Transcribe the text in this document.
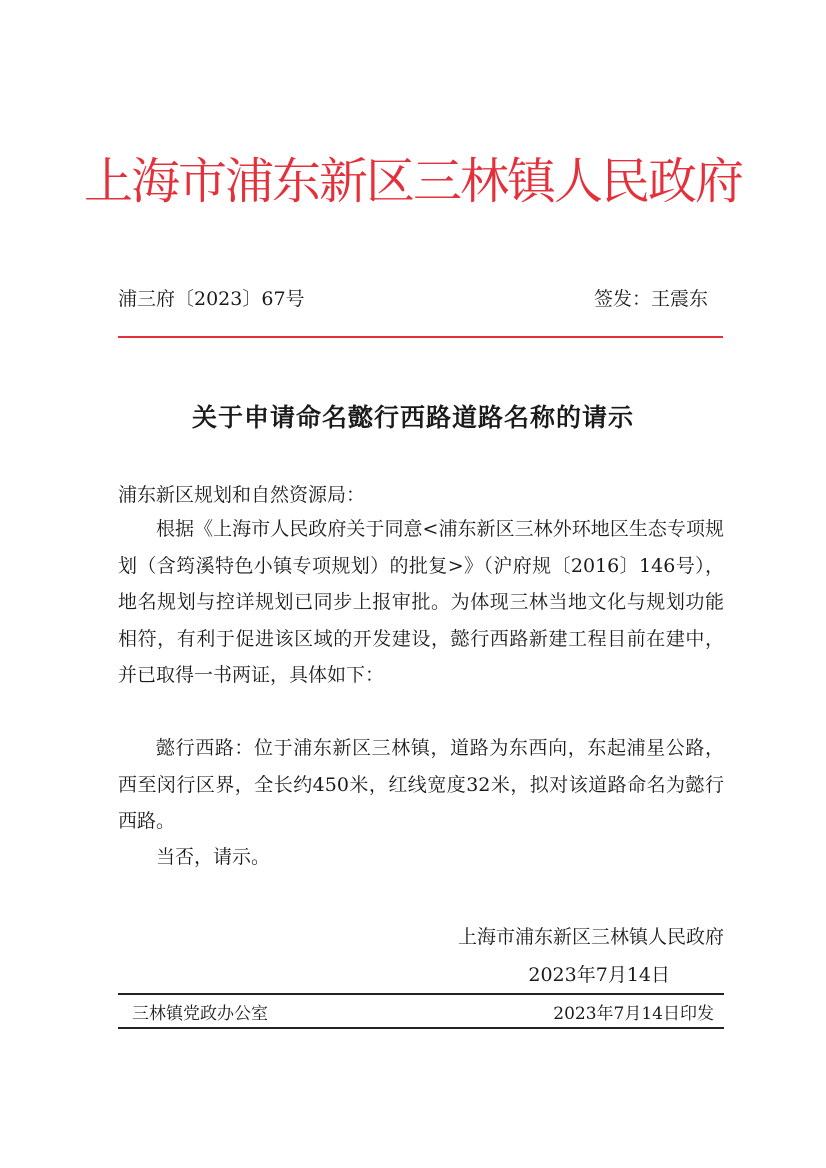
上海市浦东新区三林镇人民政府
浦三府〔2023〕67号	签发：王震东
关于申请命名懿行西路道路名称的请示
浦东新区规划和自然资源局：

根据《上海市人民政府关于同意<浦东新区三林外环地区生态专项规划（含筠溪特色小镇专项规划）的批复>》（沪府规〔2016〕146号），地名规划与控详规划已同步上报审批。为体现三林当地文化与规划功能相符，有利于促进该区域的开发建设，懿行西路新建工程目前在建中，并已取得一书两证，具体如下：

懿行西路：位于浦东新区三林镇，道路为东西向，东起浦星公路，西至闵行区界，全长约450米，红线宽度32米，拟对该道路命名为懿行西路。

当否，请示。

上海市浦东新区三林镇人民政府
2023年7月14日
三林镇党政办公室	2023年7月14日印发
